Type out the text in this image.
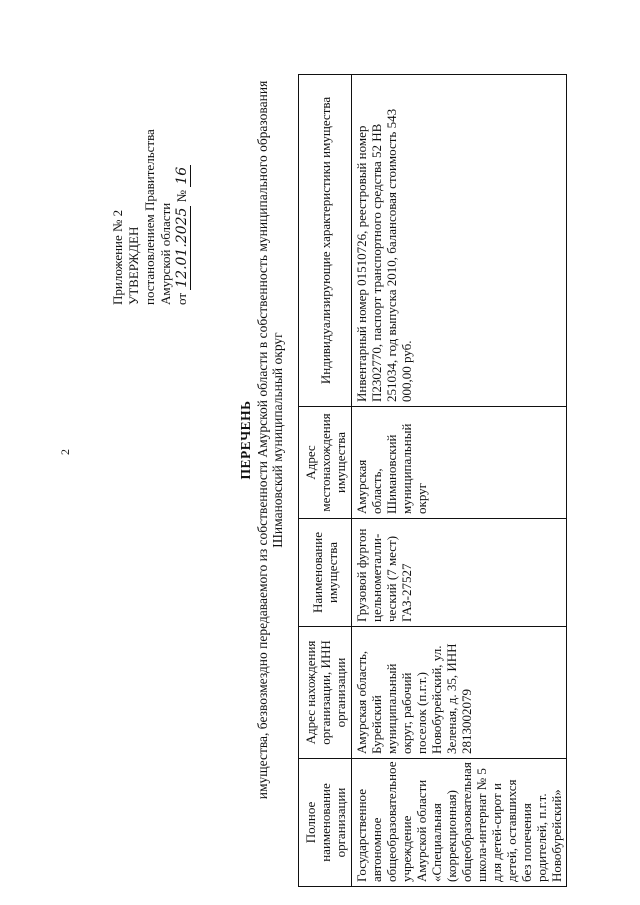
2
Приложение № 2 УТВЕРЖДЕН постановлением Правительства Амурской области от 12.01.2025 № 16
ПЕРЕЧЕНЬ имущества, безвозмездно передаваемого из собственности Амурской области в собственность муниципального образования Шимановский муниципальный округ
Полное наименование организации	Адрес нахождения организации, ИНН организации	Наименование имущества	Адрес местонахождения имущества	Индивидуализирующие характеристики имущества
Государственное автономное общеобразовательное учреждение Амурской области «Специальная (коррекционная) общеобразовательная школа-интернат № 5 для детей-сирот и детей, оставшихся без попечения родителей, п.г.т. Новобурейский»	Амурская область, Бурейский муниципальный округ, рабочий поселок (п.г.т.) Новобурейский, ул. Зеленая, д. 35, ИНН 2813002079	Грузовой фургон цельнометалли-ческий (7 мест) ГАЗ-27527	Амурская область, Шимановский муниципальный округ	Инвентарный номер 01510726, реестровый номер П2302770, паспорт транспортного средства 52 НВ 251034, год выпуска 2010, балансовая стоимость 543 000,00 руб.
